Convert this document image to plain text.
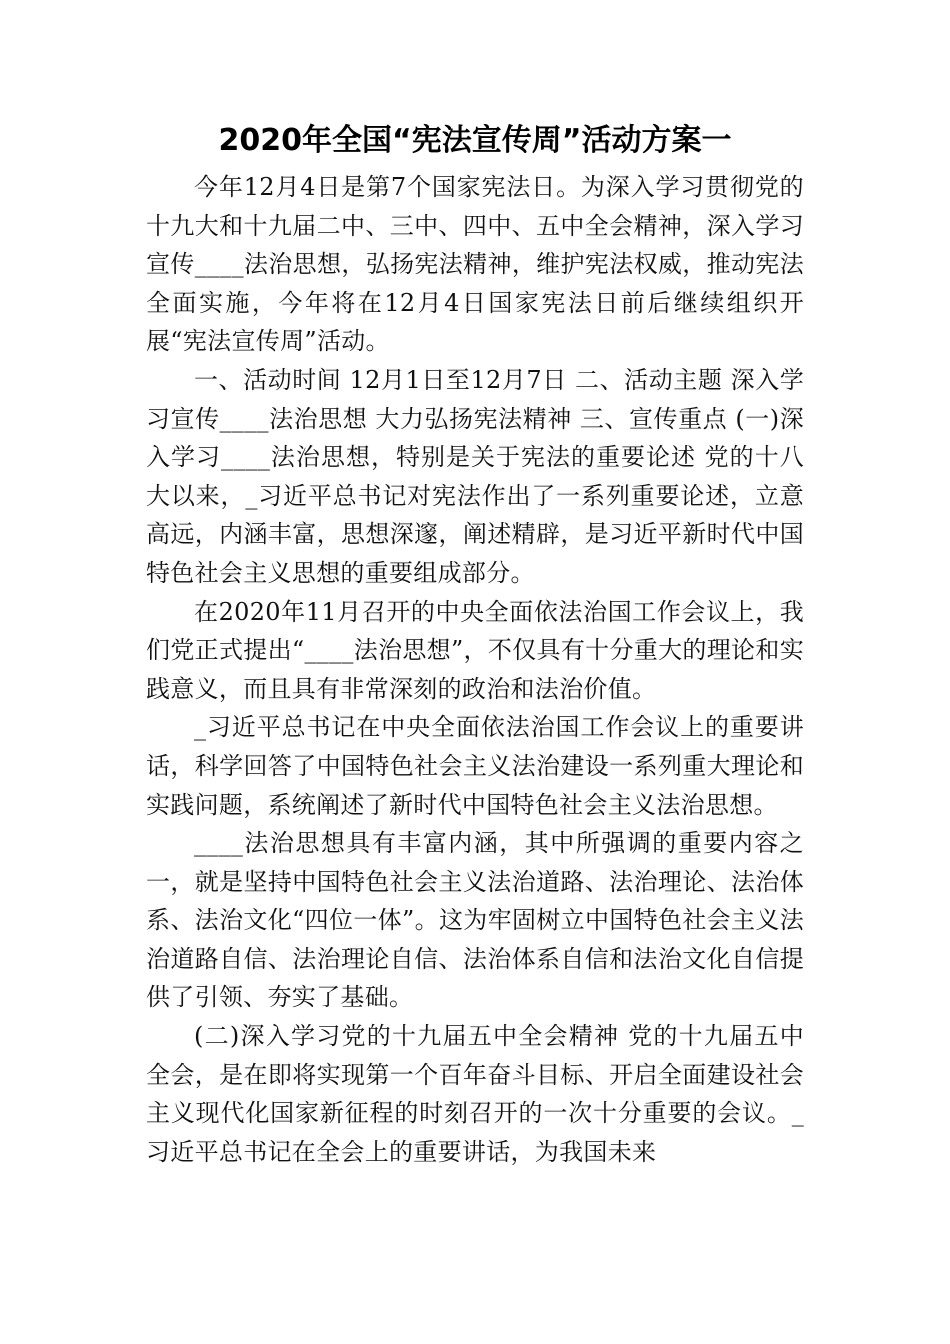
2020年全国“宪法宣传周”活动方案一

今年12月4日是第7个国家宪法日。为深入学习贯彻党的十九大和十九届二中、三中、四中、五中全会精神，深入学习宣传____法治思想，弘扬宪法精神，维护宪法权威，推动宪法全面实施，今年将在12月4日国家宪法日前后继续组织开展“宪法宣传周”活动。

一、活动时间 12月1日至12月7日 二、活动主题 深入学习宣传____法治思想 大力弘扬宪法精神 三、宣传重点 (一)深入学习____法治思想，特别是关于宪法的重要论述 党的十八大以来，_习近平总书记对宪法作出了一系列重要论述，立意高远，内涵丰富，思想深邃，阐述精辟，是习近平新时代中国特色社会主义思想的重要组成部分。

在2020年11月召开的中央全面依法治国工作会议上，我们党正式提出“____法治思想”，不仅具有十分重大的理论和实践意义，而且具有非常深刻的政治和法治价值。

_习近平总书记在中央全面依法治国工作会议上的重要讲话，科学回答了中国特色社会主义法治建设一系列重大理论和实践问题，系统阐述了新时代中国特色社会主义法治思想。

____法治思想具有丰富内涵，其中所强调的重要内容之一，就是坚持中国特色社会主义法治道路、法治理论、法治体系、法治文化“四位一体”。这为牢固树立中国特色社会主义法治道路自信、法治理论自信、法治体系自信和法治文化自信提供了引领、夯实了基础。

(二)深入学习党的十九届五中全会精神 党的十九届五中全会，是在即将实现第一个百年奋斗目标、开启全面建设社会主义现代化国家新征程的时刻召开的一次十分重要的会议。_习近平总书记在全会上的重要讲话，为我国未来
